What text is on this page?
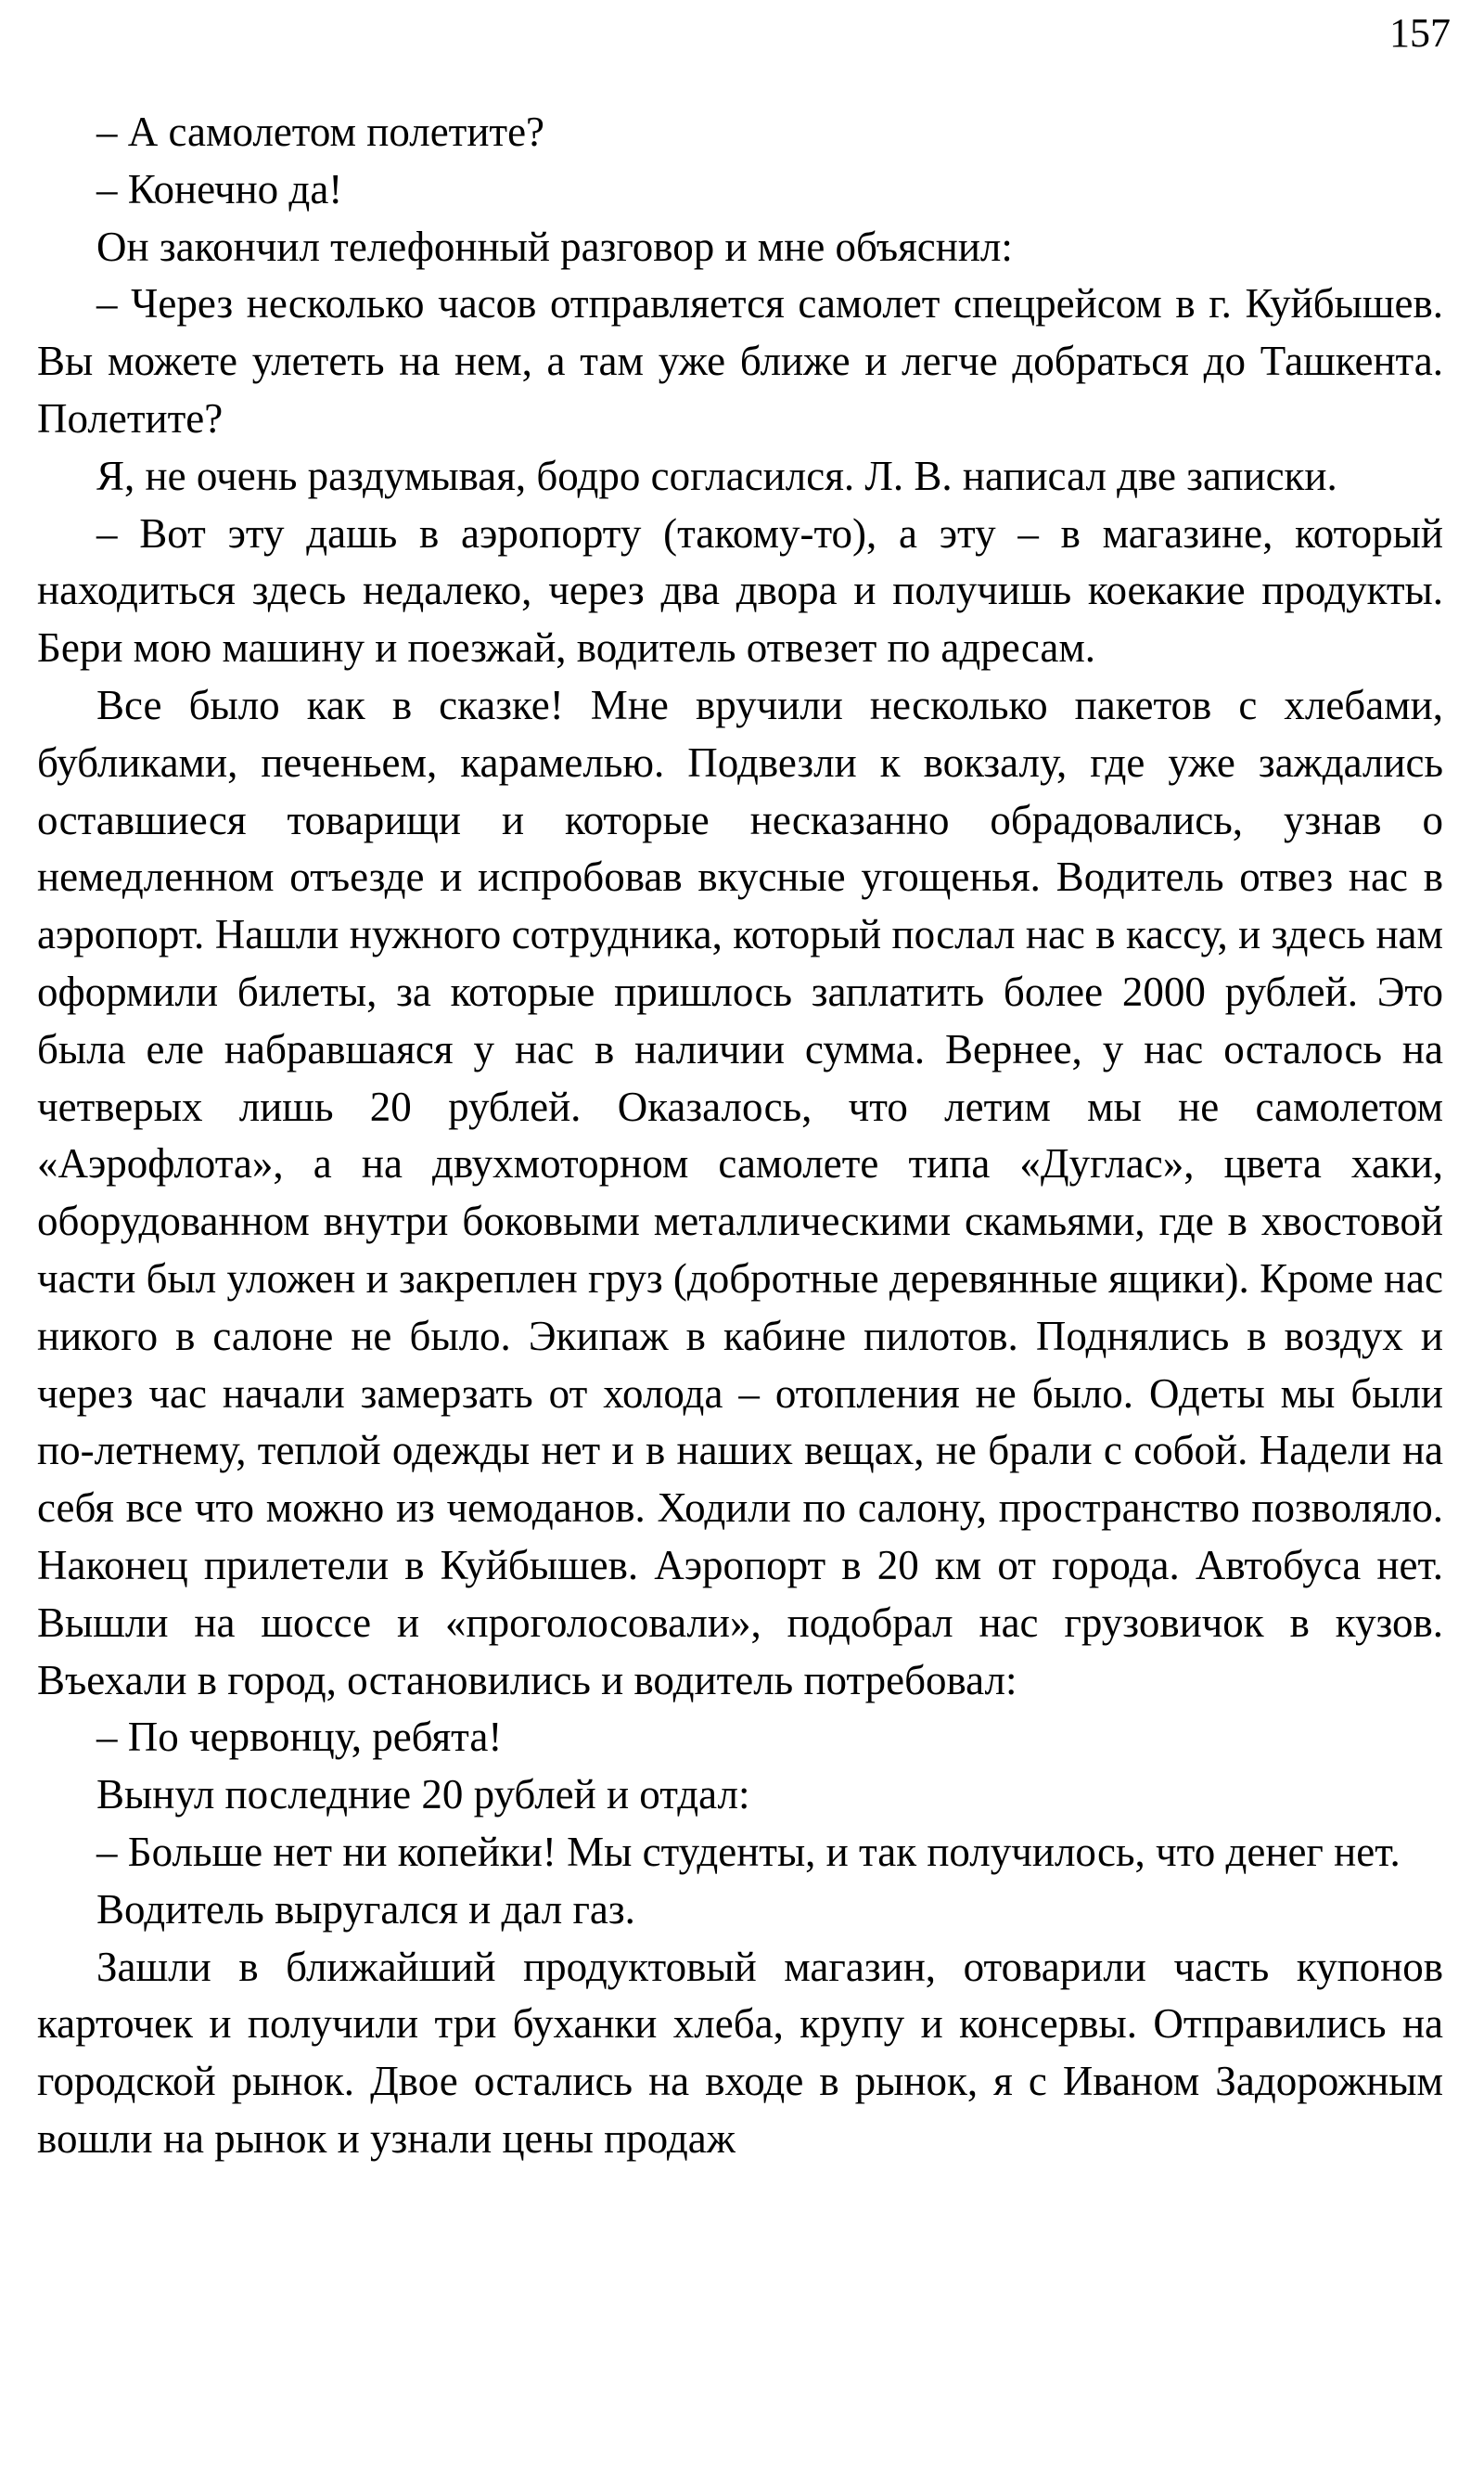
157

– А самолетом полетите?

– Конечно да!

Он закончил телефонный разговор и мне объяснил:

– Через несколько часов отправляется самолет спецрейсом в г. Куйбышев. Вы можете улететь на нем, а там уже ближе и легче добраться до Ташкента. Полетите?

Я, не очень раздумывая, бодро согласился. Л. В. написал две записки.

– Вот эту дашь в аэропорту (такому-то), а эту – в магазине, который находиться здесь недалеко, через два двора и получишь коекакие продукты. Бери мою машину и поезжай, водитель отвезет по адресам.

Все было как в сказке! Мне вручили несколько пакетов с хлебами, бубликами, печеньем, карамелью. Подвезли к вокзалу, где уже заждались оставшиеся товарищи и которые несказанно обрадовались, узнав о немедленном отъезде и испробовав вкусные угощенья. Водитель отвез нас в аэропорт. Нашли нужного сотрудника, который послал нас в кассу, и здесь нам оформили билеты, за которые пришлось заплатить более 2000 рублей. Это была еле набравшаяся у нас в наличии сумма. Вернее, у нас осталось на четверых лишь 20 рублей. Оказалось, что летим мы не самолетом «Аэрофлота», а на двухмоторном самолете типа «Дуглас», цвета хаки, оборудованном внутри боковыми металлическими скамьями, где в хвостовой части был уложен и закреплен груз (добротные деревянные ящики). Кроме нас никого в салоне не было. Экипаж в кабине пилотов. Поднялись в воздух и через час начали замерзать от холода – отопления не было. Одеты мы были по-летнему, теплой одежды нет и в наших вещах, не брали с собой. Надели на себя все что можно из чемоданов. Ходили по салону, пространство позволяло. Наконец прилетели в Куйбышев. Аэропорт в 20 км от города. Автобуса нет. Вышли на шоссе и «проголосовали», подобрал нас грузовичок в кузов. Въехали в город, остановились и водитель потребовал:

– По червонцу, ребята!

Вынул последние 20 рублей и отдал:

– Больше нет ни копейки! Мы студенты, и так получилось, что денег нет.

Водитель выругался и дал газ.

Зашли в ближайший продуктовый магазин, отоварили часть купонов карточек и получили три буханки хлеба, крупу и консервы. Отправились на городской рынок. Двое остались на входе в рынок, я с Иваном Задорожным вошли на рынок и узнали цены продаж
